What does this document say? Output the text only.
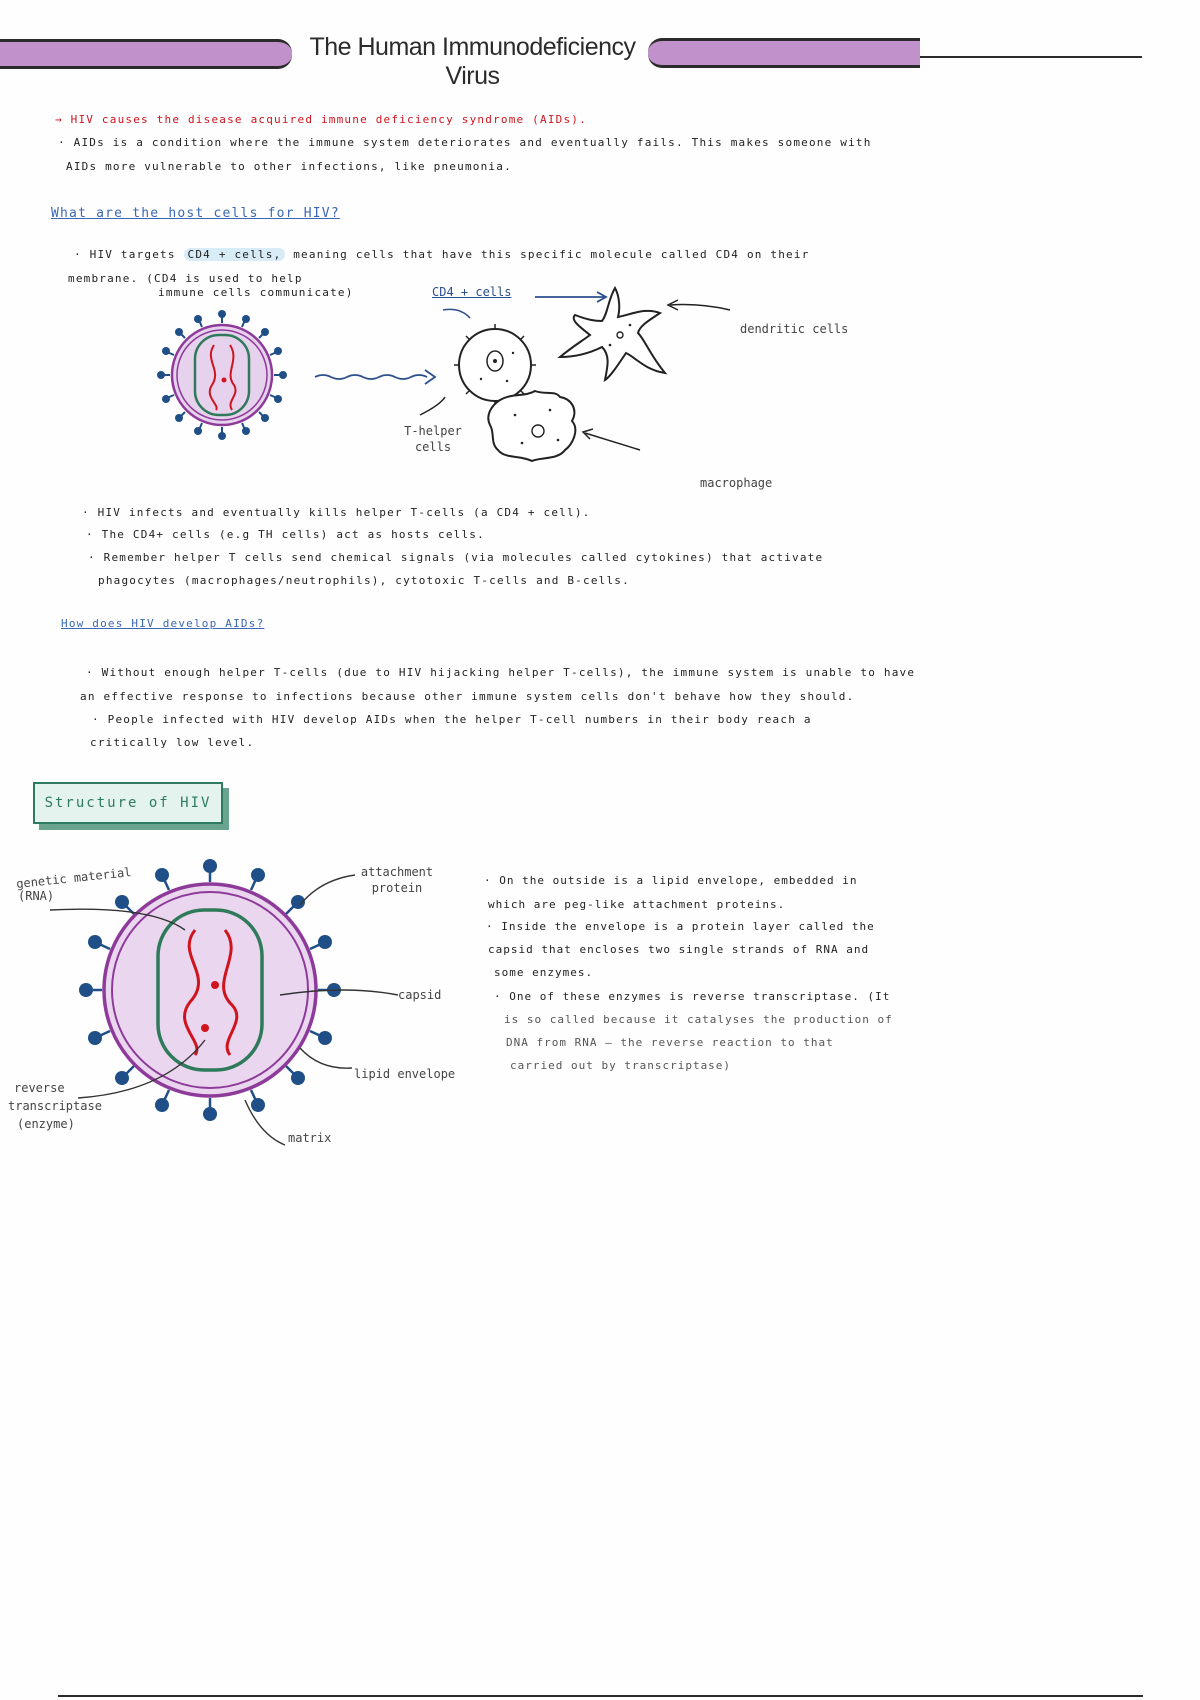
The Human Immunodeficiency Virus
→ HIV causes the disease acquired immune deficiency syndrome (AIDs).
· AIDs is a condition where the immune system deteriorates and eventually fails. This makes someone with
AIDs more vulnerable to other infections, like pneumonia.
What are the host cells for HIV?
· HIV targets CD4 + cells, meaning cells that have this specific molecule called CD4 on their
membrane. (CD4 is used to help
immune cells communicate)	CD4 + cells
dendritic cells
T-helper
cells
macrophage
· HIV infects and eventually kills helper T-cells (a CD4 + cell).
· The CD4+ cells (e.g TH cells) act as hosts cells.
· Remember helper T cells send chemical signals (via molecules called cytokines) that activate
phagocytes (macrophages/neutrophils), cytotoxic T-cells and B-cells.
How does HIV develop AIDs?
· Without enough helper T-cells (due to HIV hijacking helper T-cells), the immune system is unable to have
an effective response to infections because other immune system cells don't behave how they should.
· People infected with HIV develop AIDs when the helper T-cell numbers in their body reach a
critically low level.
Structure of HIV
genetic material
(RNA)
attachment
protein
capsid
lipid envelope
reverse
transcriptase
(enzyme)
matrix
· On the outside is a lipid envelope, embedded in
which are peg-like attachment proteins.
· Inside the envelope is a protein layer called the
capsid that encloses two single strands of RNA and
some enzymes.
· One of these enzymes is reverse transcriptase. (It
is so called because it catalyses the production of
DNA from RNA – the reverse reaction to that
carried out by transcriptase)
